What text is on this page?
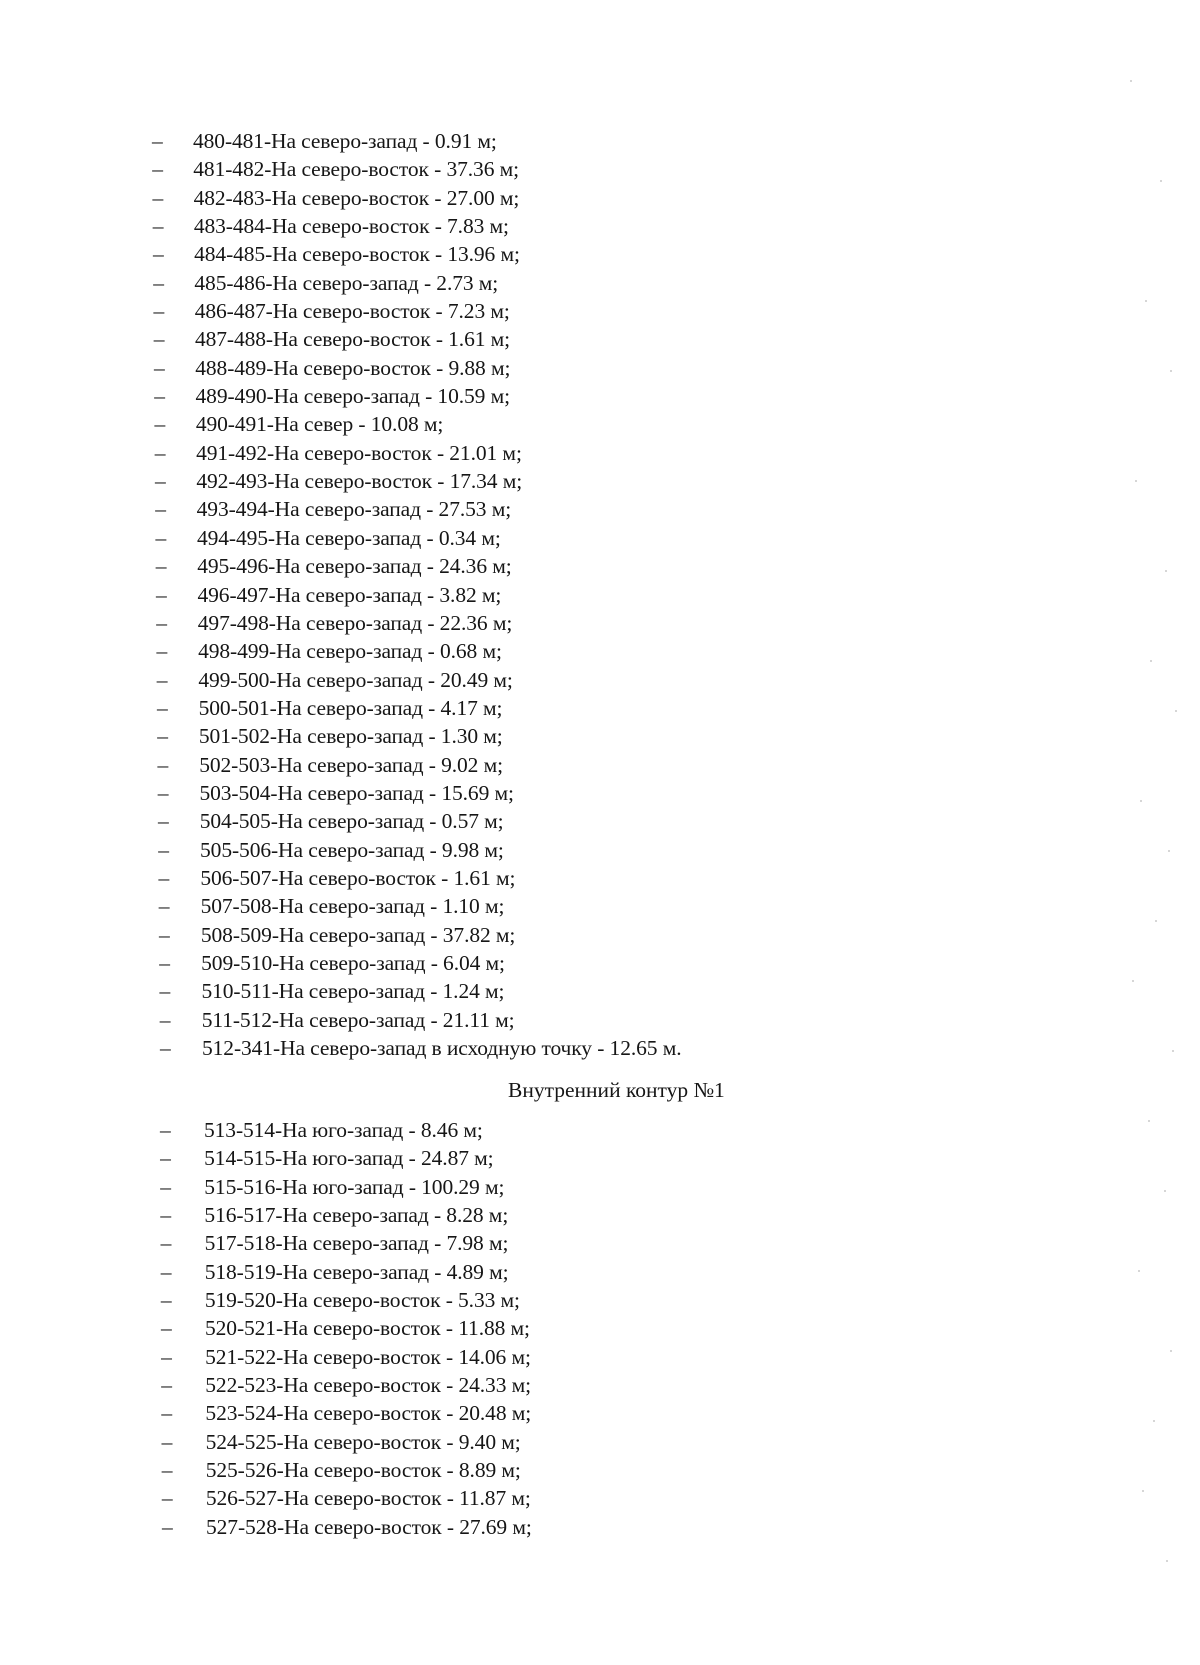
– 480-481-На северо-запад - 0.91 м;
– 481-482-На северо-восток - 37.36 м;
– 482-483-На северо-восток - 27.00 м;
– 483-484-На северо-восток - 7.83 м;
– 484-485-На северо-восток - 13.96 м;
– 485-486-На северо-запад - 2.73 м;
– 486-487-На северо-восток - 7.23 м;
– 487-488-На северо-восток - 1.61 м;
– 488-489-На северо-восток - 9.88 м;
– 489-490-На северо-запад - 10.59 м;
– 490-491-На север - 10.08 м;
– 491-492-На северо-восток - 21.01 м;
– 492-493-На северо-восток - 17.34 м;
– 493-494-На северо-запад - 27.53 м;
– 494-495-На северо-запад - 0.34 м;
– 495-496-На северо-запад - 24.36 м;
– 496-497-На северо-запад - 3.82 м;
– 497-498-На северо-запад - 22.36 м;
– 498-499-На северо-запад - 0.68 м;
– 499-500-На северо-запад - 20.49 м;
– 500-501-На северо-запад - 4.17 м;
– 501-502-На северо-запад - 1.30 м;
– 502-503-На северо-запад - 9.02 м;
– 503-504-На северо-запад - 15.69 м;
– 504-505-На северо-запад - 0.57 м;
– 505-506-На северо-запад - 9.98 м;
– 506-507-На северо-восток - 1.61 м;
– 507-508-На северо-запад - 1.10 м;
– 508-509-На северо-запад - 37.82 м;
– 509-510-На северо-запад - 6.04 м;
– 510-511-На северо-запад - 1.24 м;
– 511-512-На северо-запад - 21.11 м;
– 512-341-На северо-запад в исходную точку - 12.65 м.
Внутренний контур №1
– 513-514-На юго-запад - 8.46 м;
– 514-515-На юго-запад - 24.87 м;
– 515-516-На юго-запад - 100.29 м;
– 516-517-На северо-запад - 8.28 м;
– 517-518-На северо-запад - 7.98 м;
– 518-519-На северо-запад - 4.89 м;
– 519-520-На северо-восток - 5.33 м;
– 520-521-На северо-восток - 11.88 м;
– 521-522-На северо-восток - 14.06 м;
– 522-523-На северо-восток - 24.33 м;
– 523-524-На северо-восток - 20.48 м;
– 524-525-На северо-восток - 9.40 м;
– 525-526-На северо-восток - 8.89 м;
– 526-527-На северо-восток - 11.87 м;
– 527-528-На северо-восток - 27.69 м;
